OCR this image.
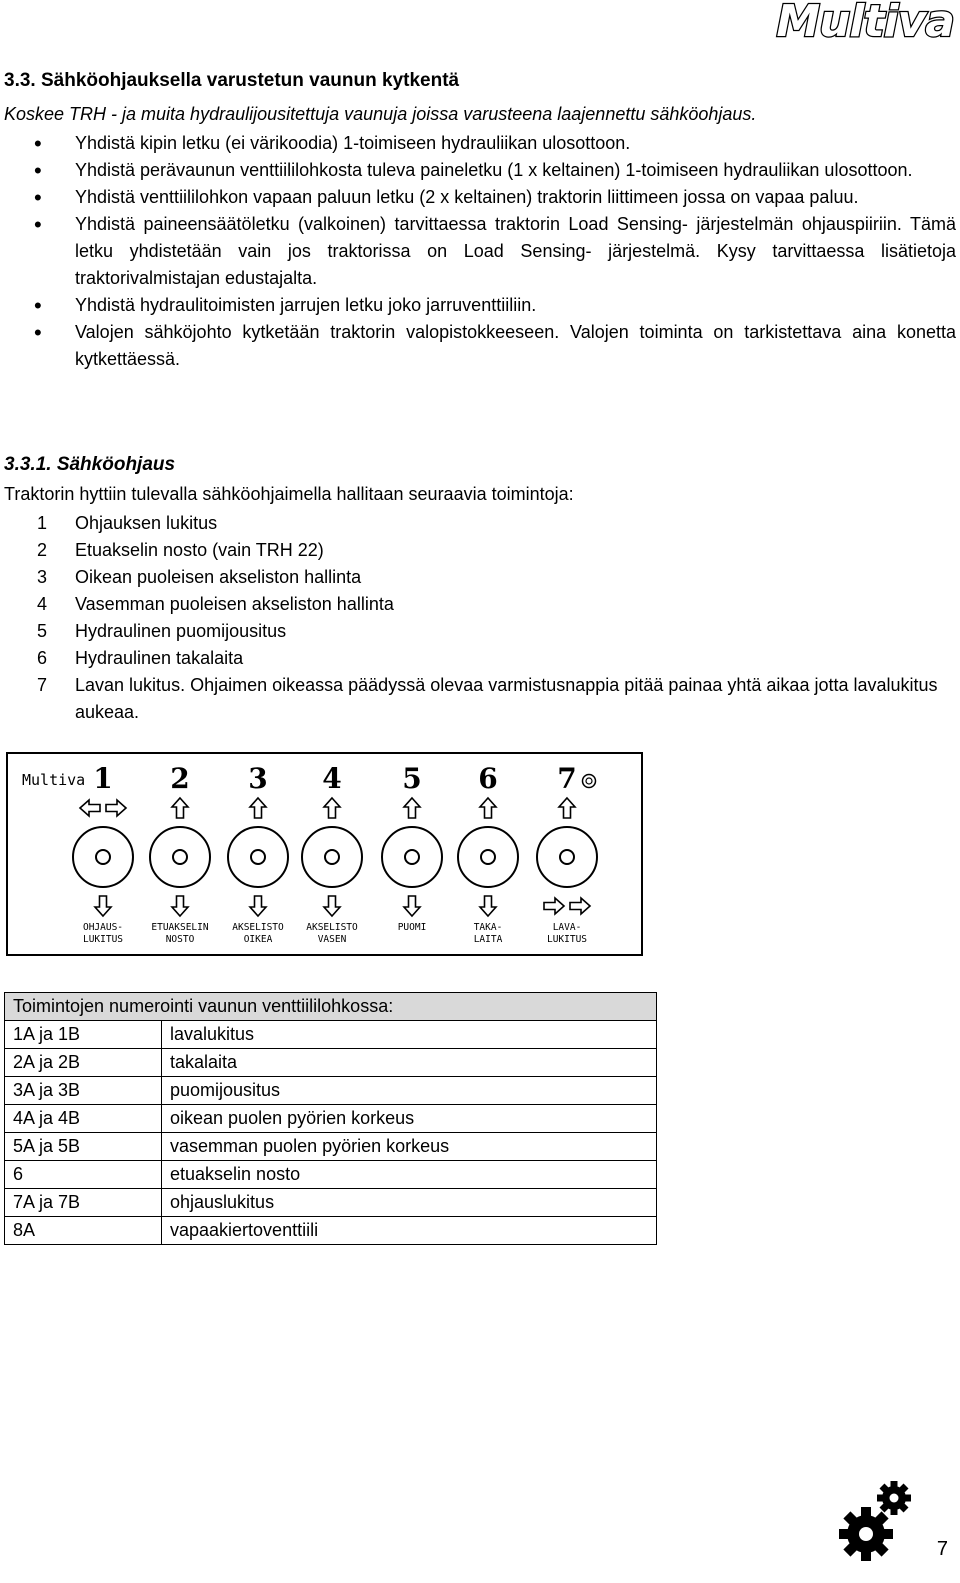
Multiva
3.3. Sähköohjauksella varustetun vaunun kytkentä
Koskee TRH - ja muita hydraulijousitettuja vaunuja joissa varusteena laajennettu sähköohjaus.
• Yhdistä kipin letku (ei värikoodia) 1-toimiseen hydrauliikan ulosottoon.
• Yhdistä perävaunun venttiililohkosta tuleva paineletku (1 x keltainen) 1-toimiseen hydrauliikan ulosottoon.
• Yhdistä venttiililohkon vapaan paluun letku (2 x keltainen) traktorin liittimeen jossa on vapaa paluu.
• Yhdistä paineensäätöletku (valkoinen) tarvittaessa traktorin Load Sensing- järjestelmän ohjauspiiriin. Tämä letku yhdistetään vain jos traktorissa on Load Sensing- järjestelmä. Kysy tarvittaessa lisätietoja traktorivalmistajan edustajalta.
• Yhdistä hydraulitoimisten jarrujen letku joko jarruventtiiliin.
• Valojen sähköjohto kytketään traktorin valopistokkeeseen. Valojen toiminta on tarkistettava aina konetta kytkettäessä.
3.3.1. Sähköohjaus
Traktorin hyttiin tulevalla sähköohjaimella hallitaan seuraavia toimintoja:
1 Ohjauksen lukitus
2 Etuakselin nosto (vain TRH 22)
3 Oikean puoleisen akseliston hallinta
4 Vasemman puoleisen akseliston hallinta
5 Hydraulinen puomijousitus
6 Hydraulinen takalaita
7 Lavan lukitus. Ohjaimen oikeassa päädyssä olevaa varmistusnappia pitää painaa yhtä aikaa jotta lavalukitus aukeaa.
Multiva 1
OHJAUS-
LUKITUS
2
ETUAKSELIN
NOSTO
3
AKSELISTO
OIKEA
4
AKSELISTO
VASEN
5
PUOMI
6
TAKA-
LAITA
7
LAVA-
LUKITUS
Toimintojen numerointi vaunun venttiililohkossa:	
1A ja 1B	lavalukitus
2A ja 2B	takalaita
3A ja 3B	puomijousitus
4A ja 4B	oikean puolen pyörien korkeus
5A ja 5B	vasemman puolen pyörien korkeus
6	etuakselin nosto
7A ja 7B	ohjauslukitus
8A	vapaakiertoventtiili
7
